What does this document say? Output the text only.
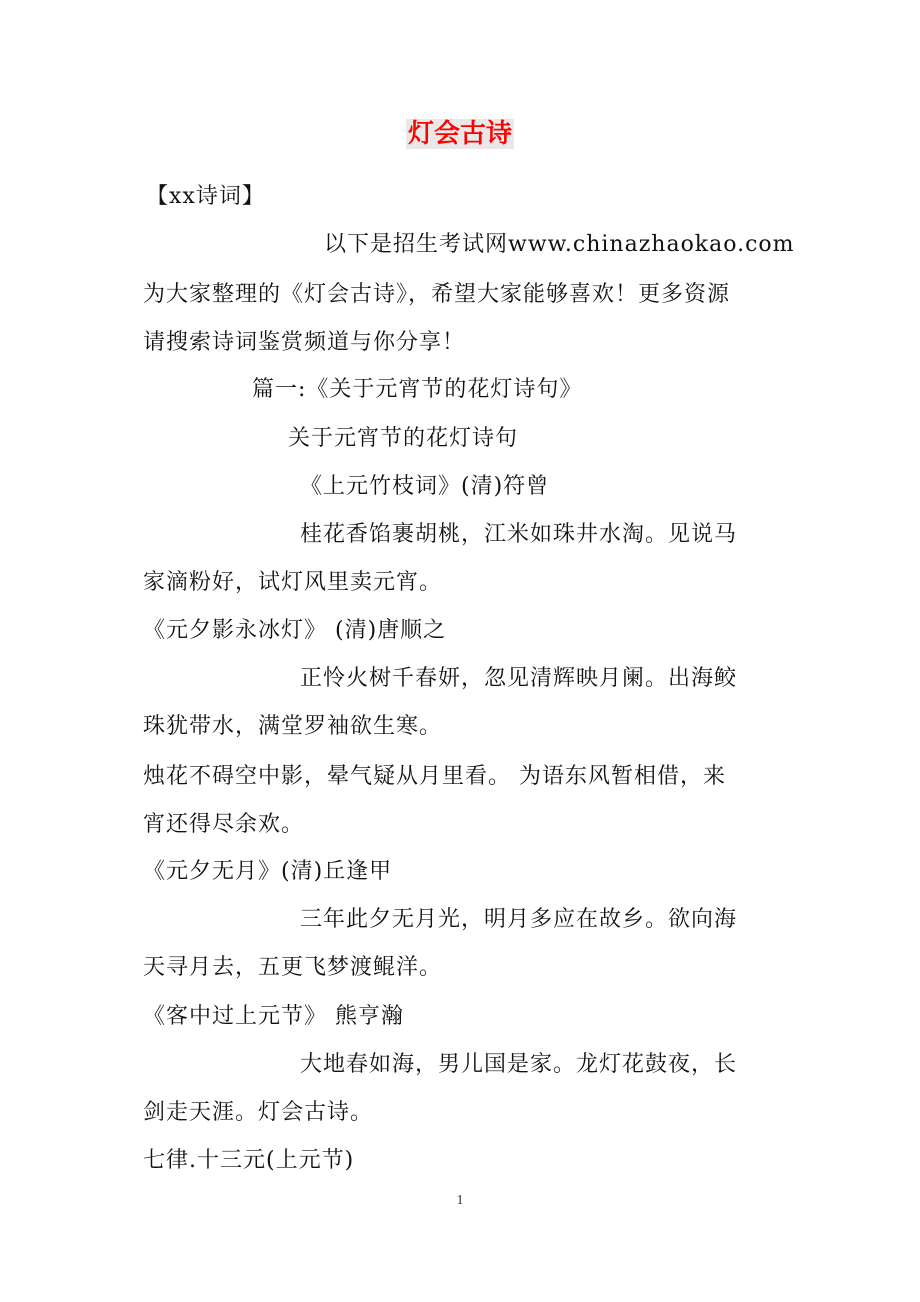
灯会古诗
【xx诗词】
以下是招生考试网www.chinazhaokao.com
为大家整理的《灯会古诗》，希望大家能够喜欢！更多资源
请搜索诗词鉴赏频道与你分享！
篇一:《关于元宵节的花灯诗句》
关于元宵节的花灯诗句
《上元竹枝词》(清)符曾
桂花香馅裹胡桃，江米如珠井水淘。见说马
家滴粉好，试灯风里卖元宵。
《元夕影永冰灯》 (清)唐顺之
正怜火树千春妍，忽见清辉映月阑。出海鲛
珠犹带水，满堂罗袖欲生寒。
烛花不碍空中影，晕气疑从月里看。 为语东风暂相借，来
宵还得尽余欢。
《元夕无月》(清)丘逢甲
三年此夕无月光，明月多应在故乡。欲向海
天寻月去，五更飞梦渡鲲洋。
《客中过上元节》 熊亨瀚
大地春如海，男儿国是家。龙灯花鼓夜，长
剑走天涯。灯会古诗。
七律.十三元(上元节)
1
